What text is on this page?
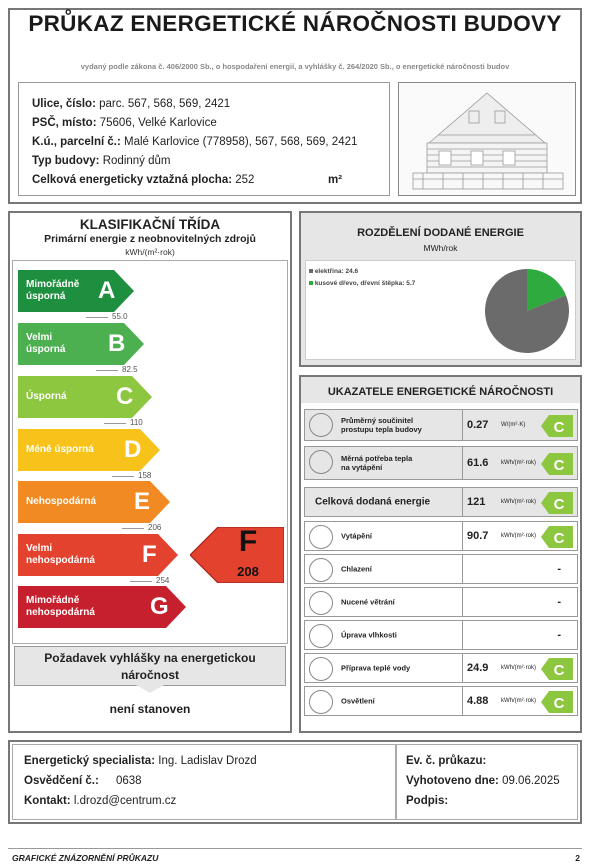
PRŮKAZ ENERGETICKÉ NÁROČNOSTI BUDOVY
vydaný podle zákona č. 406/2000 Sb., o hospodaření energií, a vyhlášky č. 264/2020 Sb., o energetické náročnosti budov
Ulice, číslo: parc. 567, 568, 569, 2421
PSČ, místo: 75606, Velké Karlovice
K.ú., parcelní č.: Malé Karlovice (778958), 567, 568, 569, 2421
Typ budovy: Rodinný dům
Celková energeticky vztažná plocha: 252	m²
KLASIFIKAČNÍ TŘÍDA
Primární energie z neobnovitelných zdrojů
kWh/(m²·rok)
Mimořádně
úsporná	A
55.0
Velmi
úsporná B
82.5
Úsporná C
110
Méně úsporná D
158
Nehospodárná E
206
Velmi
nehospodárná F
254
Mimořádně
nehospodárná G
F
208
Požadavek vyhlášky na energetickou náročnost
není stanoven
ROZDĚLENÍ DODANÉ ENERGIE
MWh/rok
elektřina: 24.6
kusové dřevo, dřevní štěpka: 5.7
UKAZATELE ENERGETICKÉ NÁROČNOSTI
Průměrný součinitel
prostupu tepla budovy	0.27 W/(m²·K) C
Měrná potřeba tepla
na vytápění	61.6 kWh/(m²·rok) C
Celková dodaná energie	121	kWh/(m²·rok) C
Vytápění	90.7 kWh/(m²·rok) C
Chlazení	-
Nucené větrání	-
Úprava vlhkosti	-
Příprava teplé vody	24.9 kWh/(m²·rok) C
Osvětlení	4.88 kWh/(m²·rok) C
Energetický specialista: Ing. Ladislav Drozd
Osvědčení č.: 0638
Kontakt: l.drozd@centrum.cz
Ev. č. průkazu:
Vyhotoveno dne: 09.06.2025
Podpis:
GRAFICKÉ ZNÁZORNĚNÍ PRŮKAZU	2
